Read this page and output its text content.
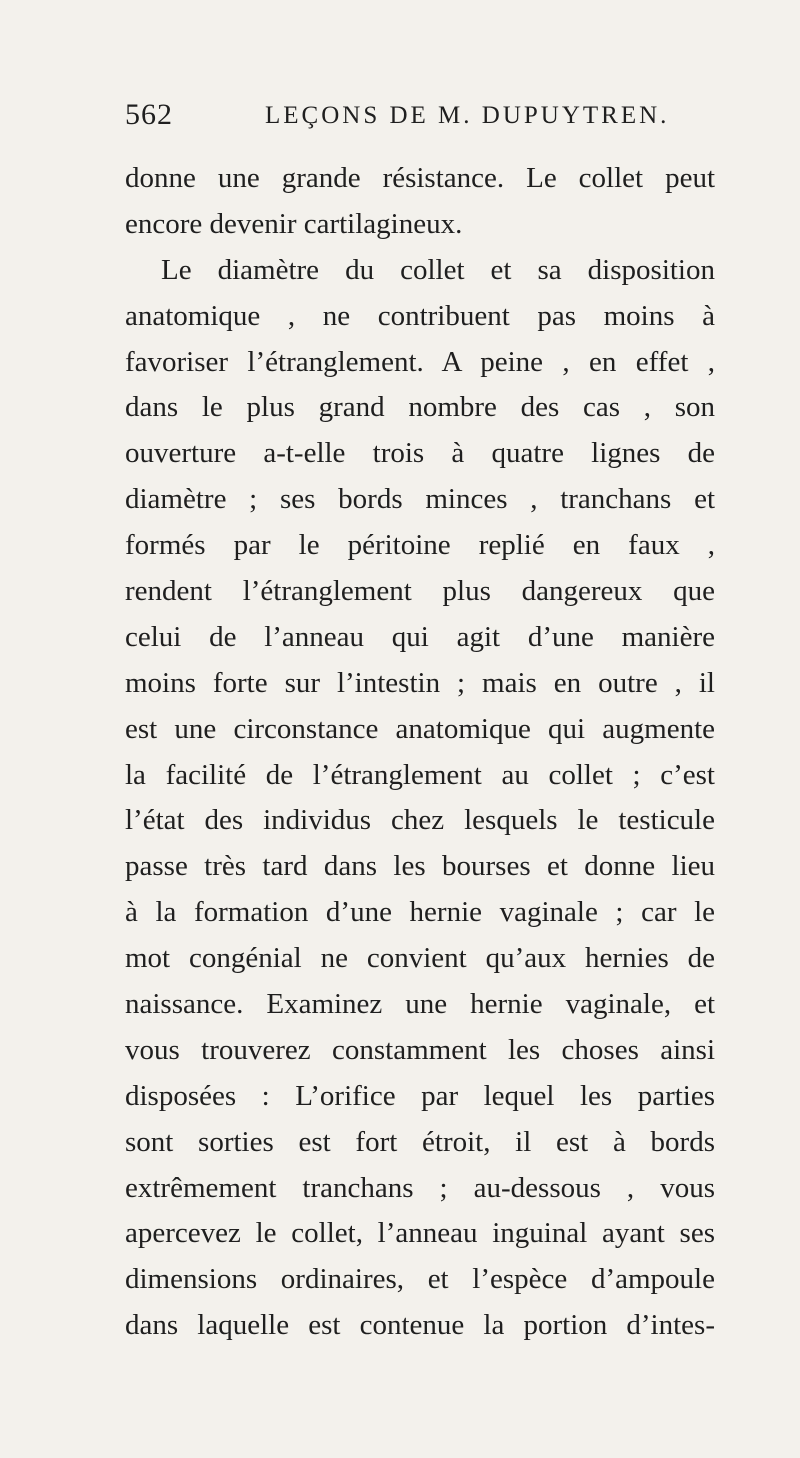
562	LEÇONS DE M. DUPUYTREN.
donne une grande résistance. Le collet peut
encore devenir cartilagineux.
Le diamètre du collet et sa disposition
anatomique , ne contribuent pas moins à
favoriser l’étranglement. A peine , en effet ,
dans le plus grand nombre des cas , son
ouverture a-t-elle trois à quatre lignes de
diamètre ; ses bords minces , tranchans et
formés par le péritoine replié en faux ,
rendent l’étranglement plus dangereux que
celui de l’anneau qui agit d’une manière
moins forte sur l’intestin ; mais en outre , il
est une circonstance anatomique qui augmente
la facilité de l’étranglement au collet ; c’est
l’état des individus chez lesquels le testicule
passe très tard dans les bourses et donne lieu
à la formation d’une hernie vaginale ; car le
mot congénial ne convient qu’aux hernies de
naissance. Examinez une hernie vaginale, et
vous trouverez constamment les choses ainsi
disposées : L’orifice par lequel les parties
sont sorties est fort étroit, il est à bords
extrêmement tranchans ; au-dessous , vous
apercevez le collet, l’anneau inguinal ayant ses
dimensions ordinaires, et l’espèce d’ampoule
dans laquelle est contenue la portion d’intes-
